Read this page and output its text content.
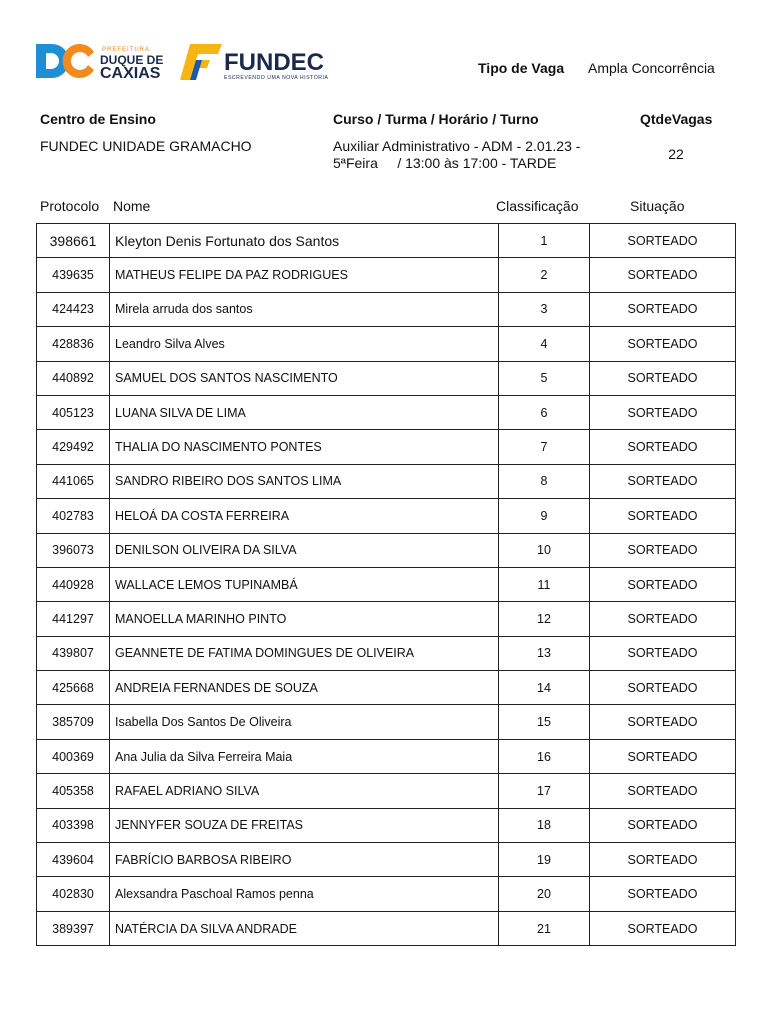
PREFEITURA
DUQUE DE
CAXIAS	FUNDEC
ESCREVENDO UMA NOVA HISTÓRIA
Tipo de Vaga Ampla Concorrência
Centro de Ensino	Curso / Turma / Horário / Turno	QtdeVagas
FUNDEC UNIDADE GRAMACHO	Auxiliar Administrativo - ADM - 2.01.23 -
5ªFeira     / 13:00 às 17:00 - TARDE
22
Protocolo Nome	Classificação	Situação
398661	Kleyton Denis Fortunato dos Santos	1	SORTEADO
439635	MATHEUS FELIPE DA PAZ RODRIGUES	2	SORTEADO
424423	Mirela arruda dos santos	3	SORTEADO
428836	Leandro Silva Alves	4	SORTEADO
440892	SAMUEL DOS SANTOS NASCIMENTO	5	SORTEADO
405123	LUANA SILVA DE LIMA	6	SORTEADO
429492	THALIA DO NASCIMENTO PONTES	7	SORTEADO
441065	SANDRO RIBEIRO DOS SANTOS LIMA	8	SORTEADO
402783	HELOÁ DA COSTA FERREIRA	9	SORTEADO
396073	DENILSON OLIVEIRA DA SILVA	10	SORTEADO
440928	WALLACE LEMOS TUPINAMBÁ	11	SORTEADO
441297	MANOELLA MARINHO PINTO	12	SORTEADO
439807	GEANNETE DE FATIMA DOMINGUES DE OLIVEIRA	13	SORTEADO
425668	ANDREIA FERNANDES DE SOUZA	14	SORTEADO
385709	Isabella Dos Santos De Oliveira	15	SORTEADO
400369	Ana Julia da Silva Ferreira Maia	16	SORTEADO
405358	RAFAEL ADRIANO SILVA	17	SORTEADO
403398	JENNYFER SOUZA DE FREITAS	18	SORTEADO
439604	FABRÍCIO BARBOSA RIBEIRO	19	SORTEADO
402830	Alexsandra Paschoal Ramos penna	20	SORTEADO
389397	NATÉRCIA DA SILVA ANDRADE	21	SORTEADO
